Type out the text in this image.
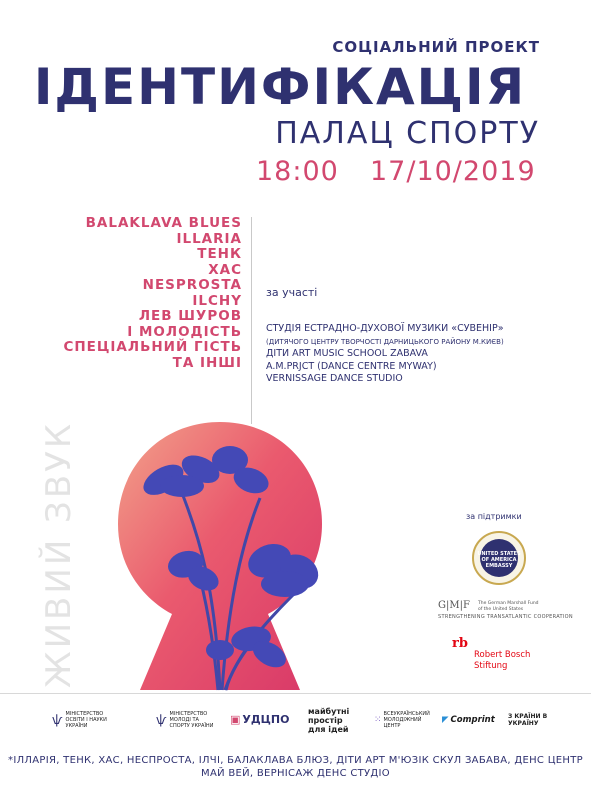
СОЦІАЛЬНИЙ ПРОЕКТ
ІДЕНТИФІКАЦІЯ
ПАЛАЦ СПОРТУ
18:00 17/10/2019
BALAKLAVA BLUES
ILLARIA
ТЕНК
ХАС
NESPROSTA
ILCHY
ЛЕВ ШУРОВ
І МОЛОДІСТЬ
СПЕЦІАЛЬНИЙ ГІСТЬ
ТА ІНШІ
за участі
СТУДІЯ ЕСТРАДНО-ДУХОВОЇ МУЗИКИ «СУВЕНІР»
(ДИТЯЧОГО ЦЕНТРУ ТВОРЧОСТІ ДАРНИЦЬКОГО РАЙОНУ М.КИЄВ)
ДІТИ ART MUSIC SCHOOL ZABAVA
A.M.PRJCT (DANCE CENTRE MYWAY)
VERNISSAGE DANCE STUDIO
ЖИВИЙ ЗВУК	за підтримки
UNITED STATES OF AMERICA EMBASSY
G|M|F The German Marshall Fund of the United States
STRENGTHENING TRANSATLANTIC COOPERATION
rb
Robert Bosch
Stiftung
ѱ МІНІСТЕРСТВО ОСВІТИ І НАУКИ УКРАЇНИ	ѱ МІНІСТЕРСТВО МОЛОДІ ТА СПОРТУ УКРАЇНИ ▣ УДЦПО
майбутні простір для ідей
⁙
ВСЕУКРАЇНСЬКИЙ МОЛОДІЖНИЙ ЦЕНТР
◤ Comprint З КРАЇНИ В УКРАЇНУ
*ІЛЛАРІЯ, ТЕНК, ХАС, НЕСПРОСТА, ІЛЧІ, БАЛАКЛАВА БЛЮЗ, ДІТИ АРТ М'ЮЗІК СКУЛ ЗАБАВА, ДЕНС ЦЕНТР МАЙ ВЕЙ, ВЕРНІСАЖ ДЕНС СТУДІО
